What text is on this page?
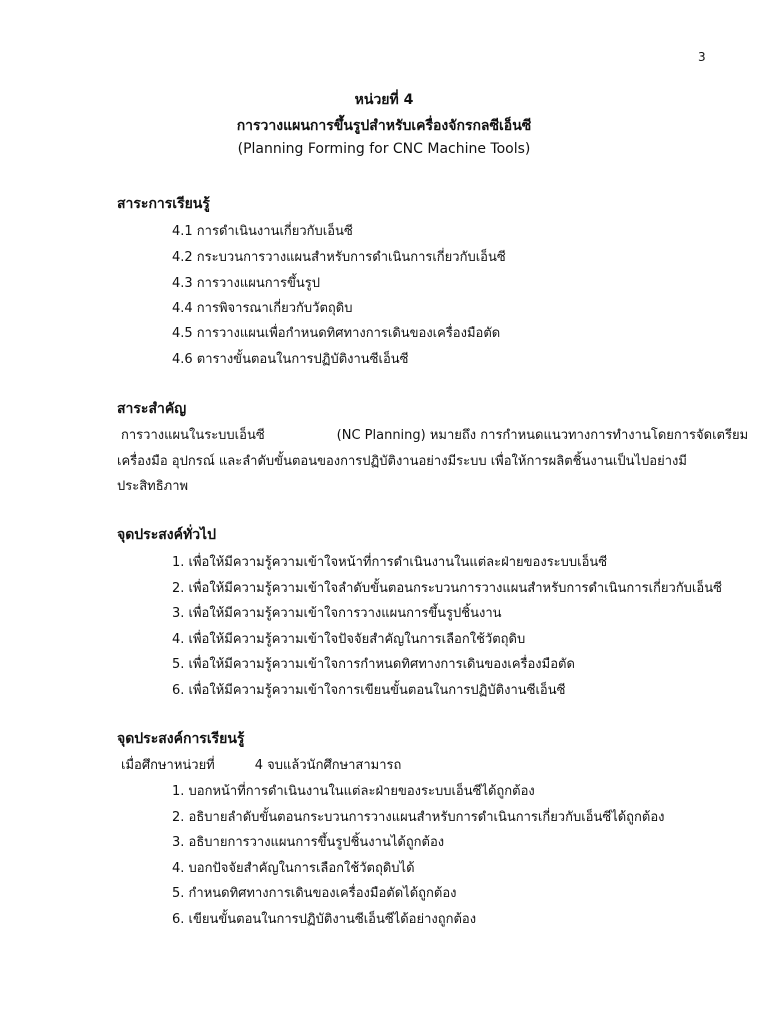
3
หน่วยที่ 4
การวางแผนการขึ้นรูปสำหรับเครื่องจักรกลซีเอ็นซี
(Planning Forming for CNC Machine Tools)
สาระการเรียนรู้
4.1 การดำเนินงานเกี่ยวกับเอ็นซี
4.2 กระบวนการวางแผนสำหรับการดำเนินการเกี่ยวกับเอ็นซี
4.3 การวางแผนการขึ้นรูป
4.4 การพิจารณาเกี่ยวกับวัตถุดิบ
4.5 การวางแผนเพื่อกำหนดทิศทางการเดินของเครื่องมือตัด
4.6 ตารางขั้นตอนในการปฏิบัติงานซีเอ็นซี
สาระสำคัญ
การวางแผนในระบบเอ็นซี	(NC Planning) หมายถึง การกำหนดแนวทางการทำงานโดยการจัดเตรียม
เครื่องมือ อุปกรณ์ และลำดับขั้นตอนของการปฏิบัติงานอย่างมีระบบ เพื่อให้การผลิตชิ้นงานเป็นไปอย่างมี
ประสิทธิภาพ
จุดประสงค์ทั่วไป
1. เพื่อให้มีความรู้ความเข้าใจหน้าที่การดำเนินงานในแต่ละฝ่ายของระบบเอ็นซี
2. เพื่อให้มีความรู้ความเข้าใจลำดับขั้นตอนกระบวนการวางแผนสำหรับการดำเนินการเกี่ยวกับเอ็นซี
3. เพื่อให้มีความรู้ความเข้าใจการวางแผนการขึ้นรูปชิ้นงาน
4. เพื่อให้มีความรู้ความเข้าใจปัจจัยสำคัญในการเลือกใช้วัตถุดิบ
5. เพื่อให้มีความรู้ความเข้าใจการกำหนดทิศทางการเดินของเครื่องมือตัด
6. เพื่อให้มีความรู้ความเข้าใจการเขียนขั้นตอนในการปฏิบัติงานซีเอ็นซี
จุดประสงค์การเรียนรู้
เมื่อศึกษาหน่วยที่	4 จบแล้วนักศึกษาสามารถ
1. บอกหน้าที่การดำเนินงานในแต่ละฝ่ายของระบบเอ็นซีได้ถูกต้อง
2. อธิบายลำดับขั้นตอนกระบวนการวางแผนสำหรับการดำเนินการเกี่ยวกับเอ็นซีได้ถูกต้อง
3. อธิบายการวางแผนการขึ้นรูปชิ้นงานได้ถูกต้อง
4. บอกปัจจัยสำคัญในการเลือกใช้วัตถุดิบได้
5. กำหนดทิศทางการเดินของเครื่องมือตัดได้ถูกต้อง
6. เขียนขั้นตอนในการปฏิบัติงานซีเอ็นซีได้อย่างถูกต้อง
